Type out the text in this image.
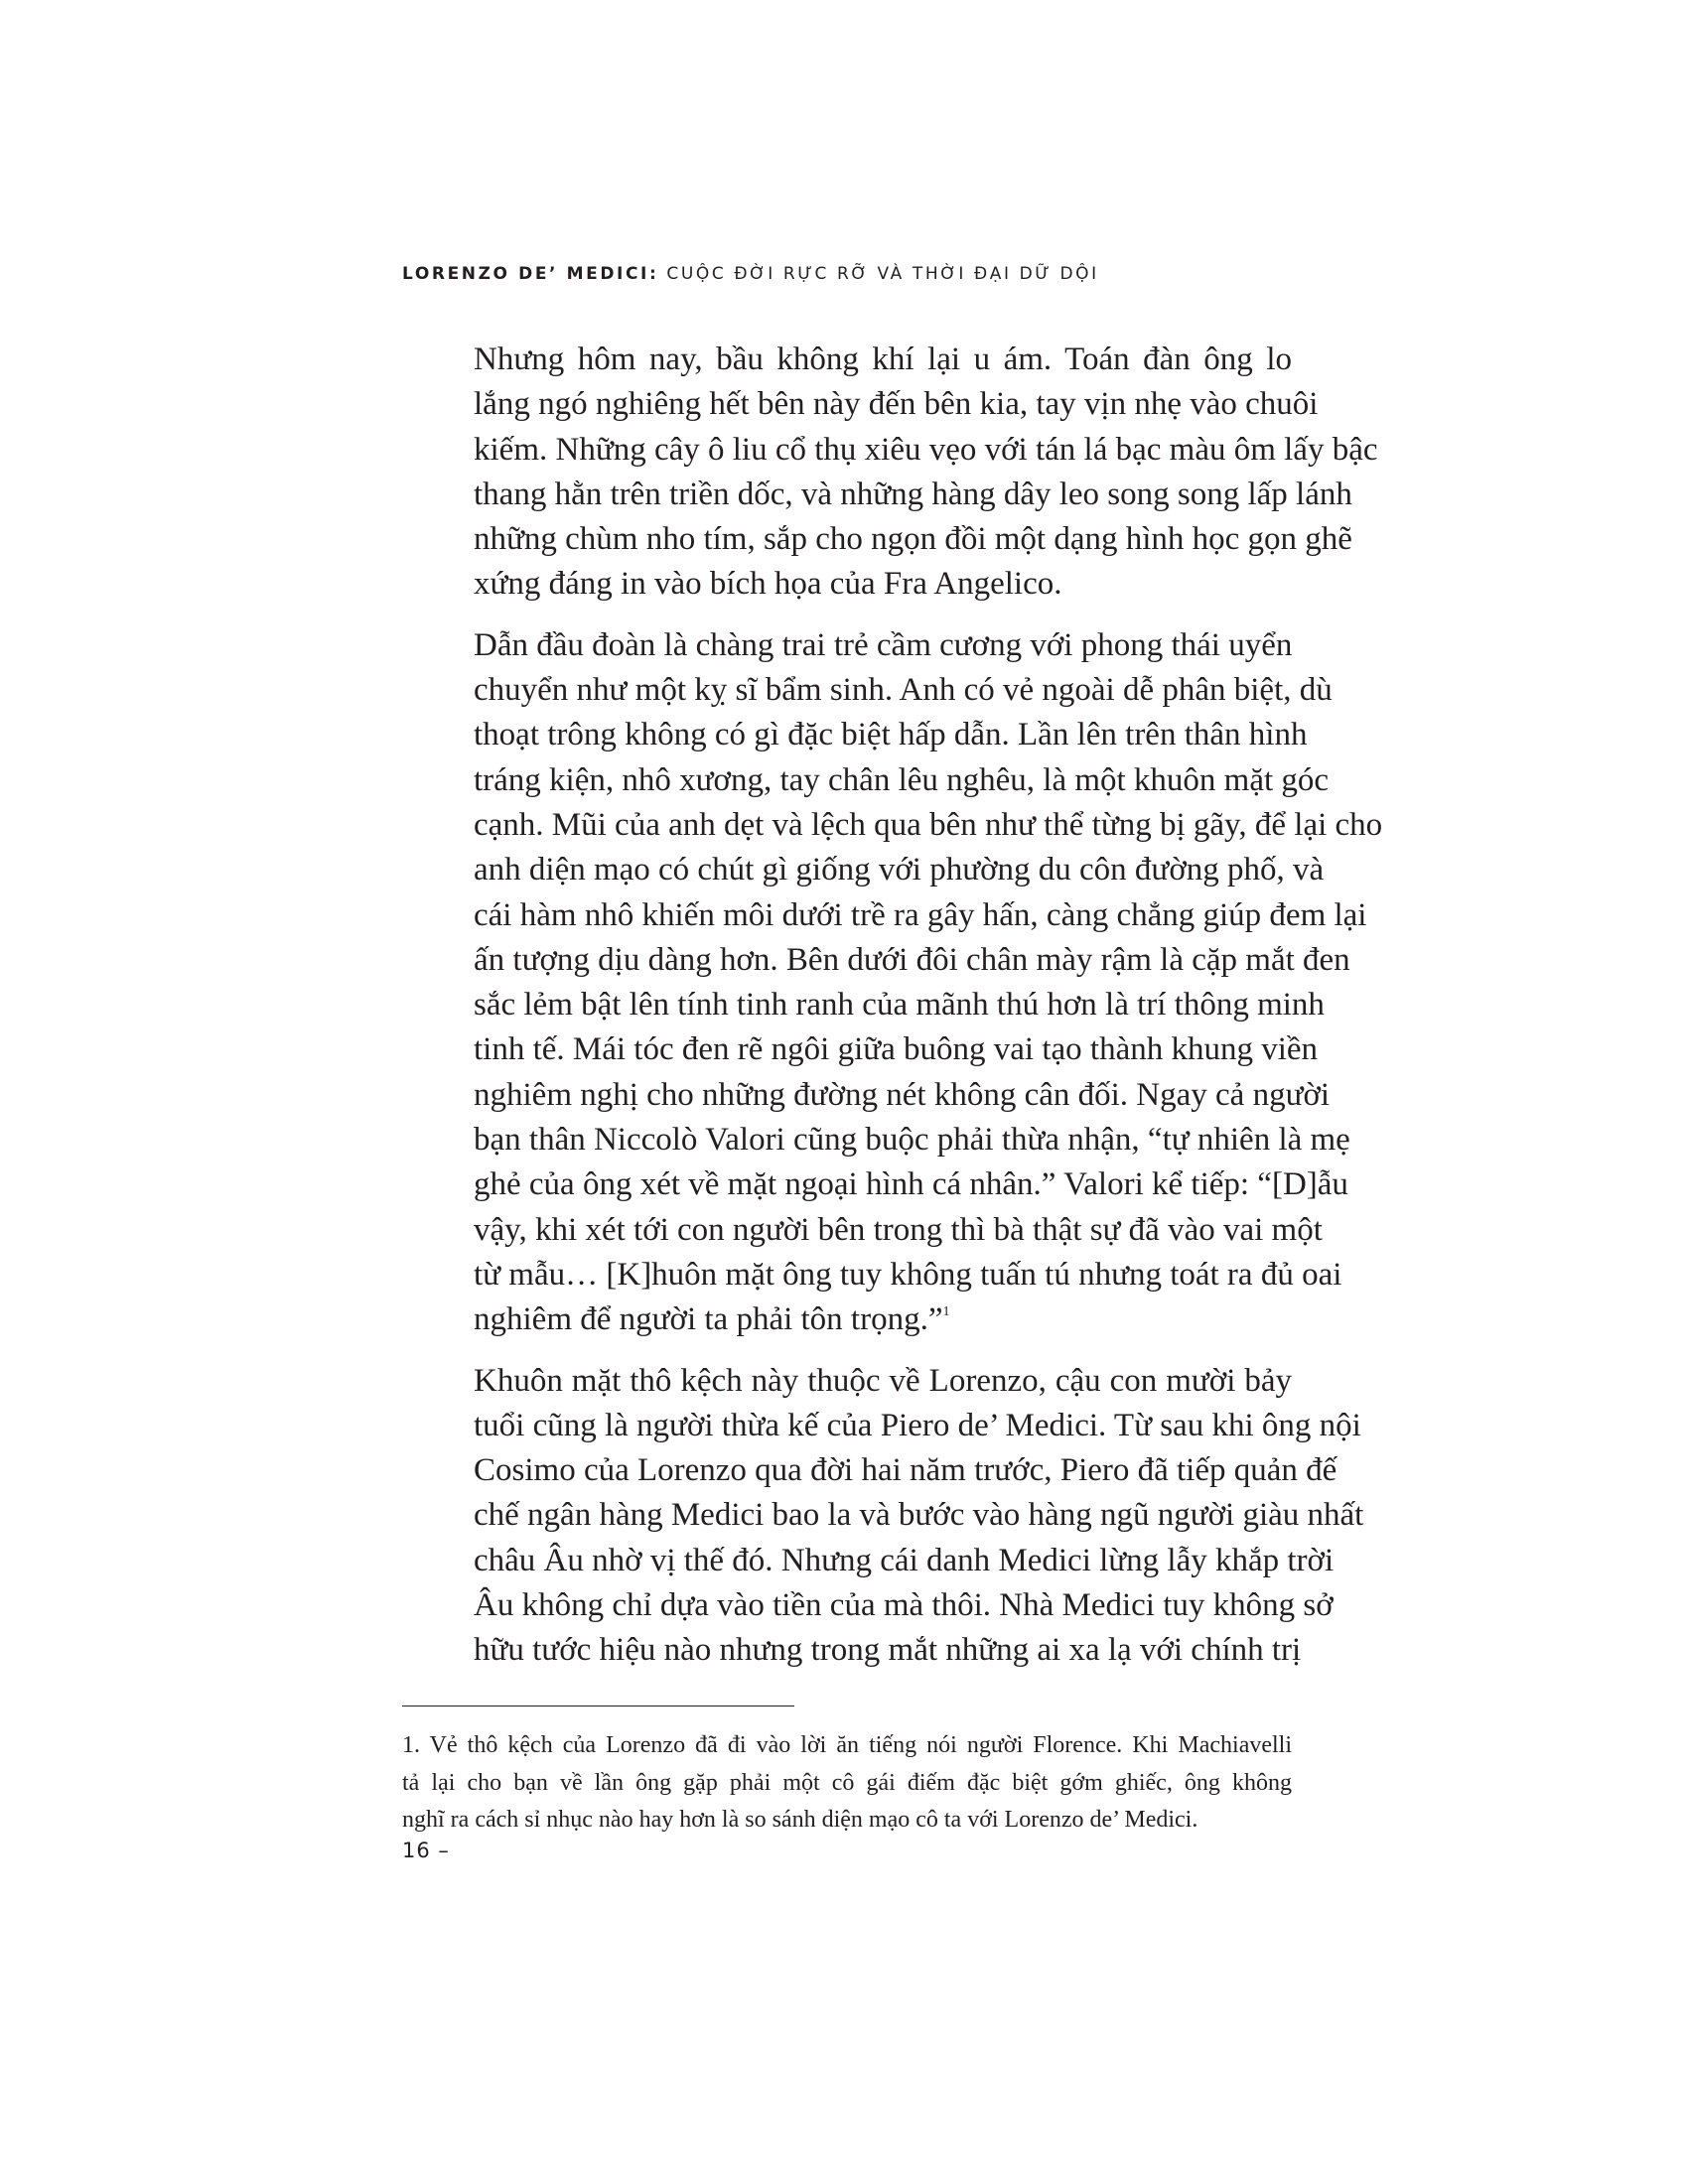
LORENZO DE’ MEDICI: CUỘC ĐỜI RỰC RỠ VÀ THỜI ĐẠI DỮ DỘI

Nhưng hôm nay, bầu không khí lại u ám. Toán đàn ông lo
lắng ngó nghiêng hết bên này đến bên kia, tay vịn nhẹ vào chuôi
kiếm. Những cây ô liu cổ thụ xiêu vẹo với tán lá bạc màu ôm lấy bậc
thang hằn trên triền dốc, và những hàng dây leo song song lấp lánh
những chùm nho tím, sắp cho ngọn đồi một dạng hình học gọn ghẽ
xứng đáng in vào bích họa của Fra Angelico.

Dẫn đầu đoàn là chàng trai trẻ cầm cương với phong thái uyển
chuyển như một kỵ sĩ bẩm sinh. Anh có vẻ ngoài dễ phân biệt, dù
thoạt trông không có gì đặc biệt hấp dẫn. Lần lên trên thân hình
tráng kiện, nhô xương, tay chân lêu nghêu, là một khuôn mặt góc
cạnh. Mũi của anh dẹt và lệch qua bên như thể từng bị gãy, để lại cho
anh diện mạo có chút gì giống với phường du côn đường phố, và
cái hàm nhô khiến môi dưới trề ra gây hấn, càng chẳng giúp đem lại
ấn tượng dịu dàng hơn. Bên dưới đôi chân mày rậm là cặp mắt đen
sắc lẻm bật lên tính tinh ranh của mãnh thú hơn là trí thông minh
tinh tế. Mái tóc đen rẽ ngôi giữa buông vai tạo thành khung viền
nghiêm nghị cho những đường nét không cân đối. Ngay cả người
bạn thân Niccolò Valori cũng buộc phải thừa nhận, “tự nhiên là mẹ
ghẻ của ông xét về mặt ngoại hình cá nhân.” Valori kể tiếp: “[D]ẫu
vậy, khi xét tới con người bên trong thì bà thật sự đã vào vai một
từ mẫu… [K]huôn mặt ông tuy không tuấn tú nhưng toát ra đủ oai
nghiêm để người ta phải tôn trọng.”$^1$

Khuôn mặt thô kệch này thuộc về Lorenzo, cậu con mười bảy
tuổi cũng là người thừa kế của Piero de’ Medici. Từ sau khi ông nội
Cosimo của Lorenzo qua đời hai năm trước, Piero đã tiếp quản đế
chế ngân hàng Medici bao la và bước vào hàng ngũ người giàu nhất
châu Âu nhờ vị thế đó. Nhưng cái danh Medici lừng lẫy khắp trời
Âu không chỉ dựa vào tiền của mà thôi. Nhà Medici tuy không sở
hữu tước hiệu nào nhưng trong mắt những ai xa lạ với chính trị

1. Vẻ thô kệch của Lorenzo đã đi vào lời ăn tiếng nói người Florence. Khi Machiavelli
tả lại cho bạn về lần ông gặp phải một cô gái điếm đặc biệt gớm ghiếc, ông không
nghĩ ra cách sỉ nhục nào hay hơn là so sánh diện mạo cô ta với Lorenzo de’ Medici.
16 –
